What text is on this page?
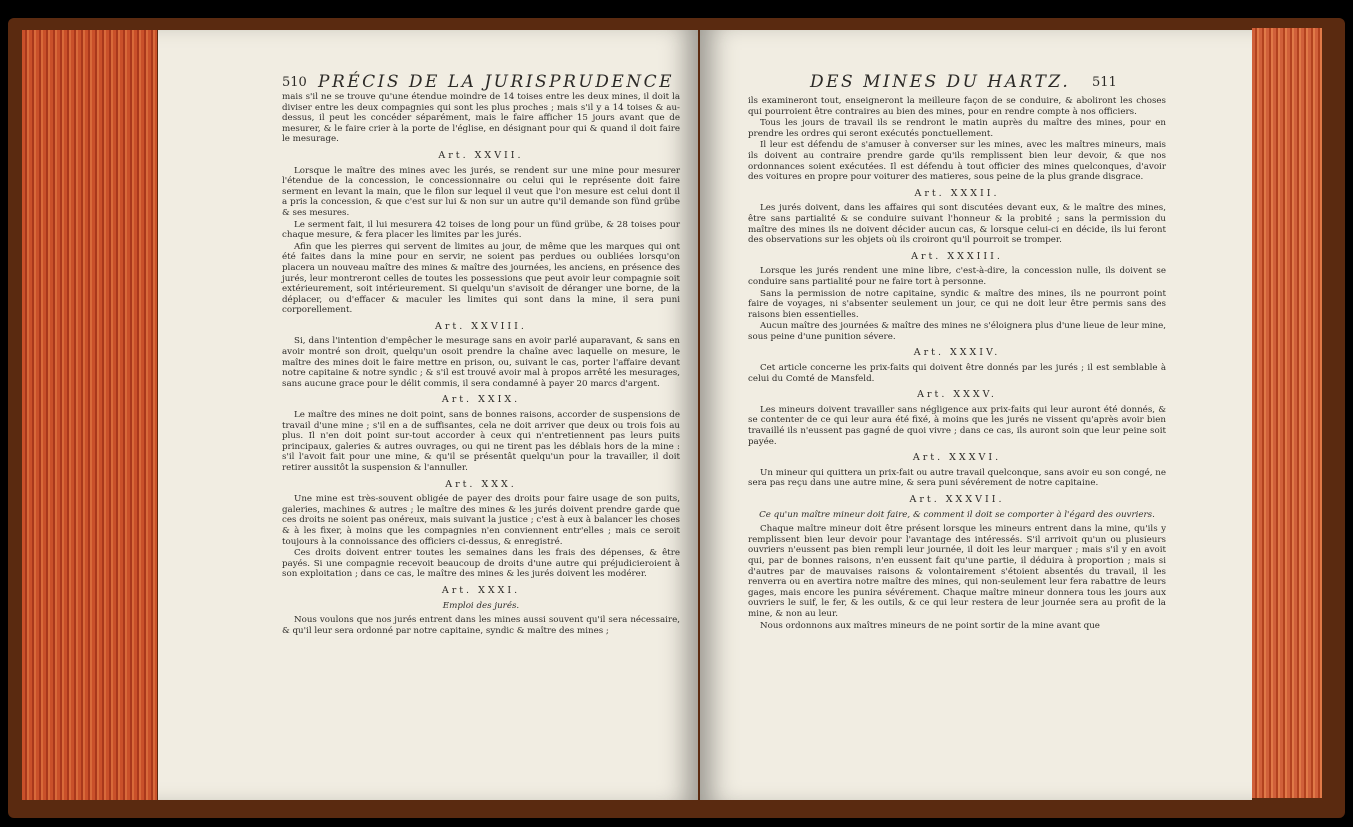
510 PRÉCIS DE LA JURISPRUDENCE

mais s'il ne se trouve qu'une étendue moindre de 14 toises entre les deux mines, il doit la diviser entre les deux compagnies qui sont les plus proches ; mais s'il y a 14 toises & au-dessus, il peut les concéder séparément, mais le faire afficher 15 jours avant que de mesurer, & le faire crier à la porte de l'église, en désignant pour qui & quand il doit faire le mesurage.

Art. XXVII.

Lorsque le maître des mines avec les jurés, se rendent sur une mine pour mesurer l'étendue de la concession, le concessionnaire ou celui qui le représente doit faire serment en levant la main, que le filon sur lequel il veut que l'on mesure est celui dont il a pris la concession, & que c'est sur lui & non sur un autre qu'il demande son fünd grübe & ses mesures.

Le serment fait, il lui mesurera 42 toises de long pour un fünd grübe, & 28 toises pour chaque mesure, & fera placer les limites par les jurés.

Afin que les pierres qui servent de limites au jour, de même que les marques qui ont été faites dans la mine pour en servir, ne soient pas perdues ou oubliées lorsqu'on placera un nouveau maître des mines & maître des journées, les anciens, en présence des jurés, leur montreront celles de toutes les possessions que peut avoir leur compagnie soit extérieurement, soit intérieurement. Si quelqu'un s'avisoit de déranger une borne, de la déplacer, ou d'effacer & maculer les limites qui sont dans la mine, il sera puni corporellement.

Art. XXVIII.

Si, dans l'intention d'empêcher le mesurage sans en avoir parlé auparavant, & sans en avoir montré son droit, quelqu'un osoit prendre la chaîne avec laquelle on mesure, le maître des mines doit le faire mettre en prison, ou, suivant le cas, porter l'affaire devant notre capitaine & notre syndic ; & s'il est trouvé avoir mal à propos arrêté les mesurages, sans aucune grace pour le délit commis, il sera condamné à payer 20 marcs d'argent.

Art. XXIX.

Le maître des mines ne doit point, sans de bonnes raisons, accorder de suspensions de travail d'une mine ; s'il en a de suffisantes, cela ne doit arriver que deux ou trois fois au plus. Il n'en doit point sur-tout accorder à ceux qui n'entretiennent pas leurs puits principaux, galeries & autres ouvrages, ou qui ne tirent pas les déblais hors de la mine : s'il l'avoit fait pour une mine, & qu'il se présentât quelqu'un pour la travailler, il doit retirer aussitôt la suspension & l'annuller.

Art. XXX.

Une mine est très-souvent obligée de payer des droits pour faire usage de son puits, galeries, machines & autres ; le maître des mines & les jurés doivent prendre garde que ces droits ne soient pas onéreux, mais suivant la justice ; c'est à eux à balancer les choses & à les fixer, à moins que les compagnies n'en conviennent entr'elles ; mais ce seroit toujours à la connoissance des officiers ci-dessus, & enregistré.

Ces droits doivent entrer toutes les semaines dans les frais des dépenses, & être payés. Si une compagnie recevoit beaucoup de droits d'une autre qui préjudicieroient à son exploitation ; dans ce cas, le maître des mines & les jurés doivent les modérer.

Art. XXXI.
Emploi des jurés.

Nous voulons que nos jurés entrent dans les mines aussi souvent qu'il sera nécessaire, & qu'il leur sera ordonné par notre capitaine, syndic & maître des mines ;

DES MINES DU HARTZ. 511

ils examineront tout, enseigneront la meilleure façon de se conduire, & aboliront les choses qui pourroient être contraires au bien des mines, pour en rendre compte à nos officiers.

Tous les jours de travail ils se rendront le matin auprès du maître des mines, pour en prendre les ordres qui seront exécutés ponctuellement.

Il leur est défendu de s'amuser à converser sur les mines, avec les maîtres mineurs, mais ils doivent au contraire prendre garde qu'ils remplissent bien leur devoir, & que nos ordonnances soient exécutées. Il est défendu à tout officier des mines quelconques, d'avoir des voitures en propre pour voiturer des matieres, sous peine de la plus grande disgrace.

Art. XXXII.

Les jurés doivent, dans les affaires qui sont discutées devant eux, & le maître des mines, être sans partialité & se conduire suivant l'honneur & la probité ; sans la permission du maître des mines ils ne doivent décider aucun cas, & lorsque celui-ci en décide, ils lui feront des observations sur les objets où ils croiront qu'il pourroit se tromper.

Art. XXXIII.

Lorsque les jurés rendent une mine libre, c'est-à-dire, la concession nulle, ils doivent se conduire sans partialité pour ne faire tort à personne.

Sans la permission de notre capitaine, syndic & maître des mines, ils ne pourront point faire de voyages, ni s'absenter seulement un jour, ce qui ne doit leur être permis sans des raisons bien essentielles.

Aucun maître des journées & maître des mines ne s'éloignera plus d'une lieue de leur mine, sous peine d'une punition sévere.

Art. XXXIV.

Cet article concerne les prix-faits qui doivent être donnés par les jurés ; il est semblable à celui du Comté de Mansfeld.

Art. XXXV.

Les mineurs doivent travailler sans négligence aux prix-faits qui leur auront été donnés, & se contenter de ce qui leur aura été fixé, à moins que les jurés ne vissent qu'après avoir bien travaillé ils n'eussent pas gagné de quoi vivre ; dans ce cas, ils auront soin que leur peine soit payée.

Art. XXXVI.

Un mineur qui quittera un prix-fait ou autre travail quelconque, sans avoir eu son congé, ne sera pas reçu dans une autre mine, & sera puni sévérement de notre capitaine.

Art. XXXVII.
Ce qu'un maître mineur doit faire, & comment il doit se comporter à l'égard des ouvriers.

Chaque maître mineur doit être présent lorsque les mineurs entrent dans la mine, qu'ils y remplissent bien leur devoir pour l'avantage des intéressés. S'il arrivoit qu'un ou plusieurs ouvriers n'eussent pas bien rempli leur journée, il doit les leur marquer ; mais s'il y en avoit qui, par de bonnes raisons, n'en eussent fait qu'une partie, il déduira à proportion ; mais si d'autres par de mauvaises raisons & volontairement s'étoient absentés du travail, il les renverra ou en avertira notre maître des mines, qui non-seulement leur fera rabattre de leurs gages, mais encore les punira sévérement. Chaque maître mineur donnera tous les jours aux ouvriers le suif, le fer, & les outils, & ce qui leur restera de leur journée sera au profit de la mine, & non au leur.

Nous ordonnons aux maîtres mineurs de ne point sortir de la mine avant que
